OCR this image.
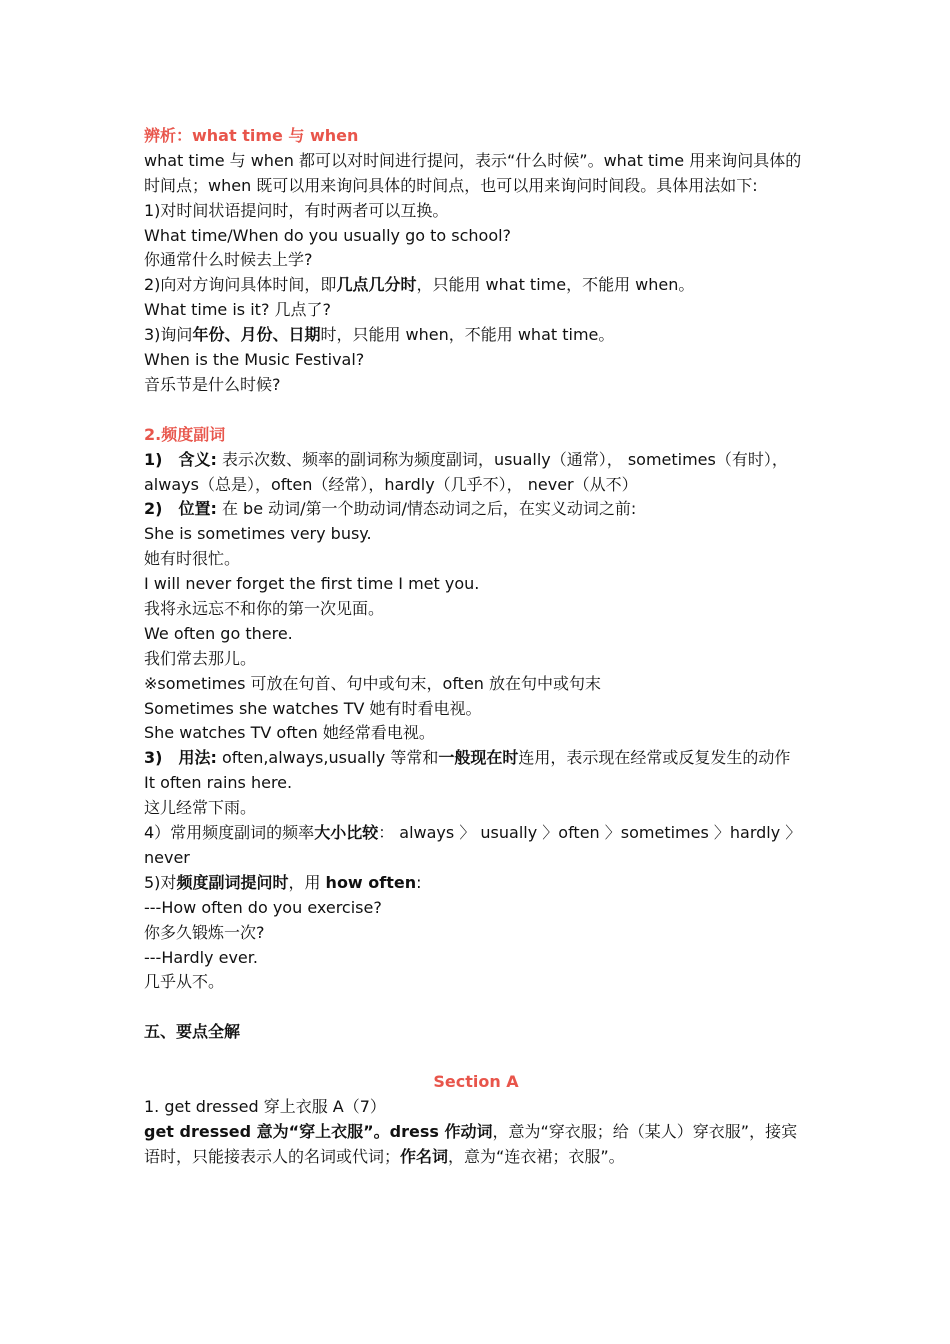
辨析：what time 与 when
what time 与 when 都可以对时间进行提问，表示“什么时候”。what time 用来询问具体的时间点；when 既可以用来询问具体的时间点，也可以用来询问时间段。具体用法如下:
1)对时间状语提问时，有时两者可以互换。
What time/When do you usually go to school?
你通常什么时候去上学?
2)向对方询问具体时间，即几点几分时，只能用 what time，不能用 when。
What time is it? 几点了?
3)询问年份、月份、日期时，只能用 when，不能用 what time。
When is the Music Festival?
音乐节是什么时候?
2.频度副词
1)　含义: 表示次数、频率的副词称为频度副词，usually（通常）， sometimes（有时），always（总是），often（经常），hardly（几乎不）， never（从不）
2)　位置: 在 be 动词/第一个助动词/情态动词之后，在实义动词之前:
She is sometimes very busy.
她有时很忙。
I will never forget the first time I met you.
我将永远忘不和你的第一次见面。
We often go there.
我们常去那儿。
※sometimes 可放在句首、句中或句末，often 放在句中或句末
Sometimes she watches TV 她有时看电视。
She watches TV often 她经常看电视。
3)　用法: often,always,usually 等常和一般现在时连用，表示现在经常或反复发生的动作
It often rains here.
这儿经常下雨。
4）常用频度副词的频率大小比较： always 〉 usually 〉often 〉sometimes 〉hardly 〉never
5)对频度副词提问时，用 how often:
---How often do you exercise?
你多久锻炼一次?
---Hardly ever.
几乎从不。
五、要点全解
Section A
1. get dressed 穿上衣服 A（7）
get dressed 意为“穿上衣服”。dress 作动词，意为“穿衣服；给（某人）穿衣服”，接宾语时，只能接表示人的名词或代词；作名词，意为“连衣裙；衣服”。
